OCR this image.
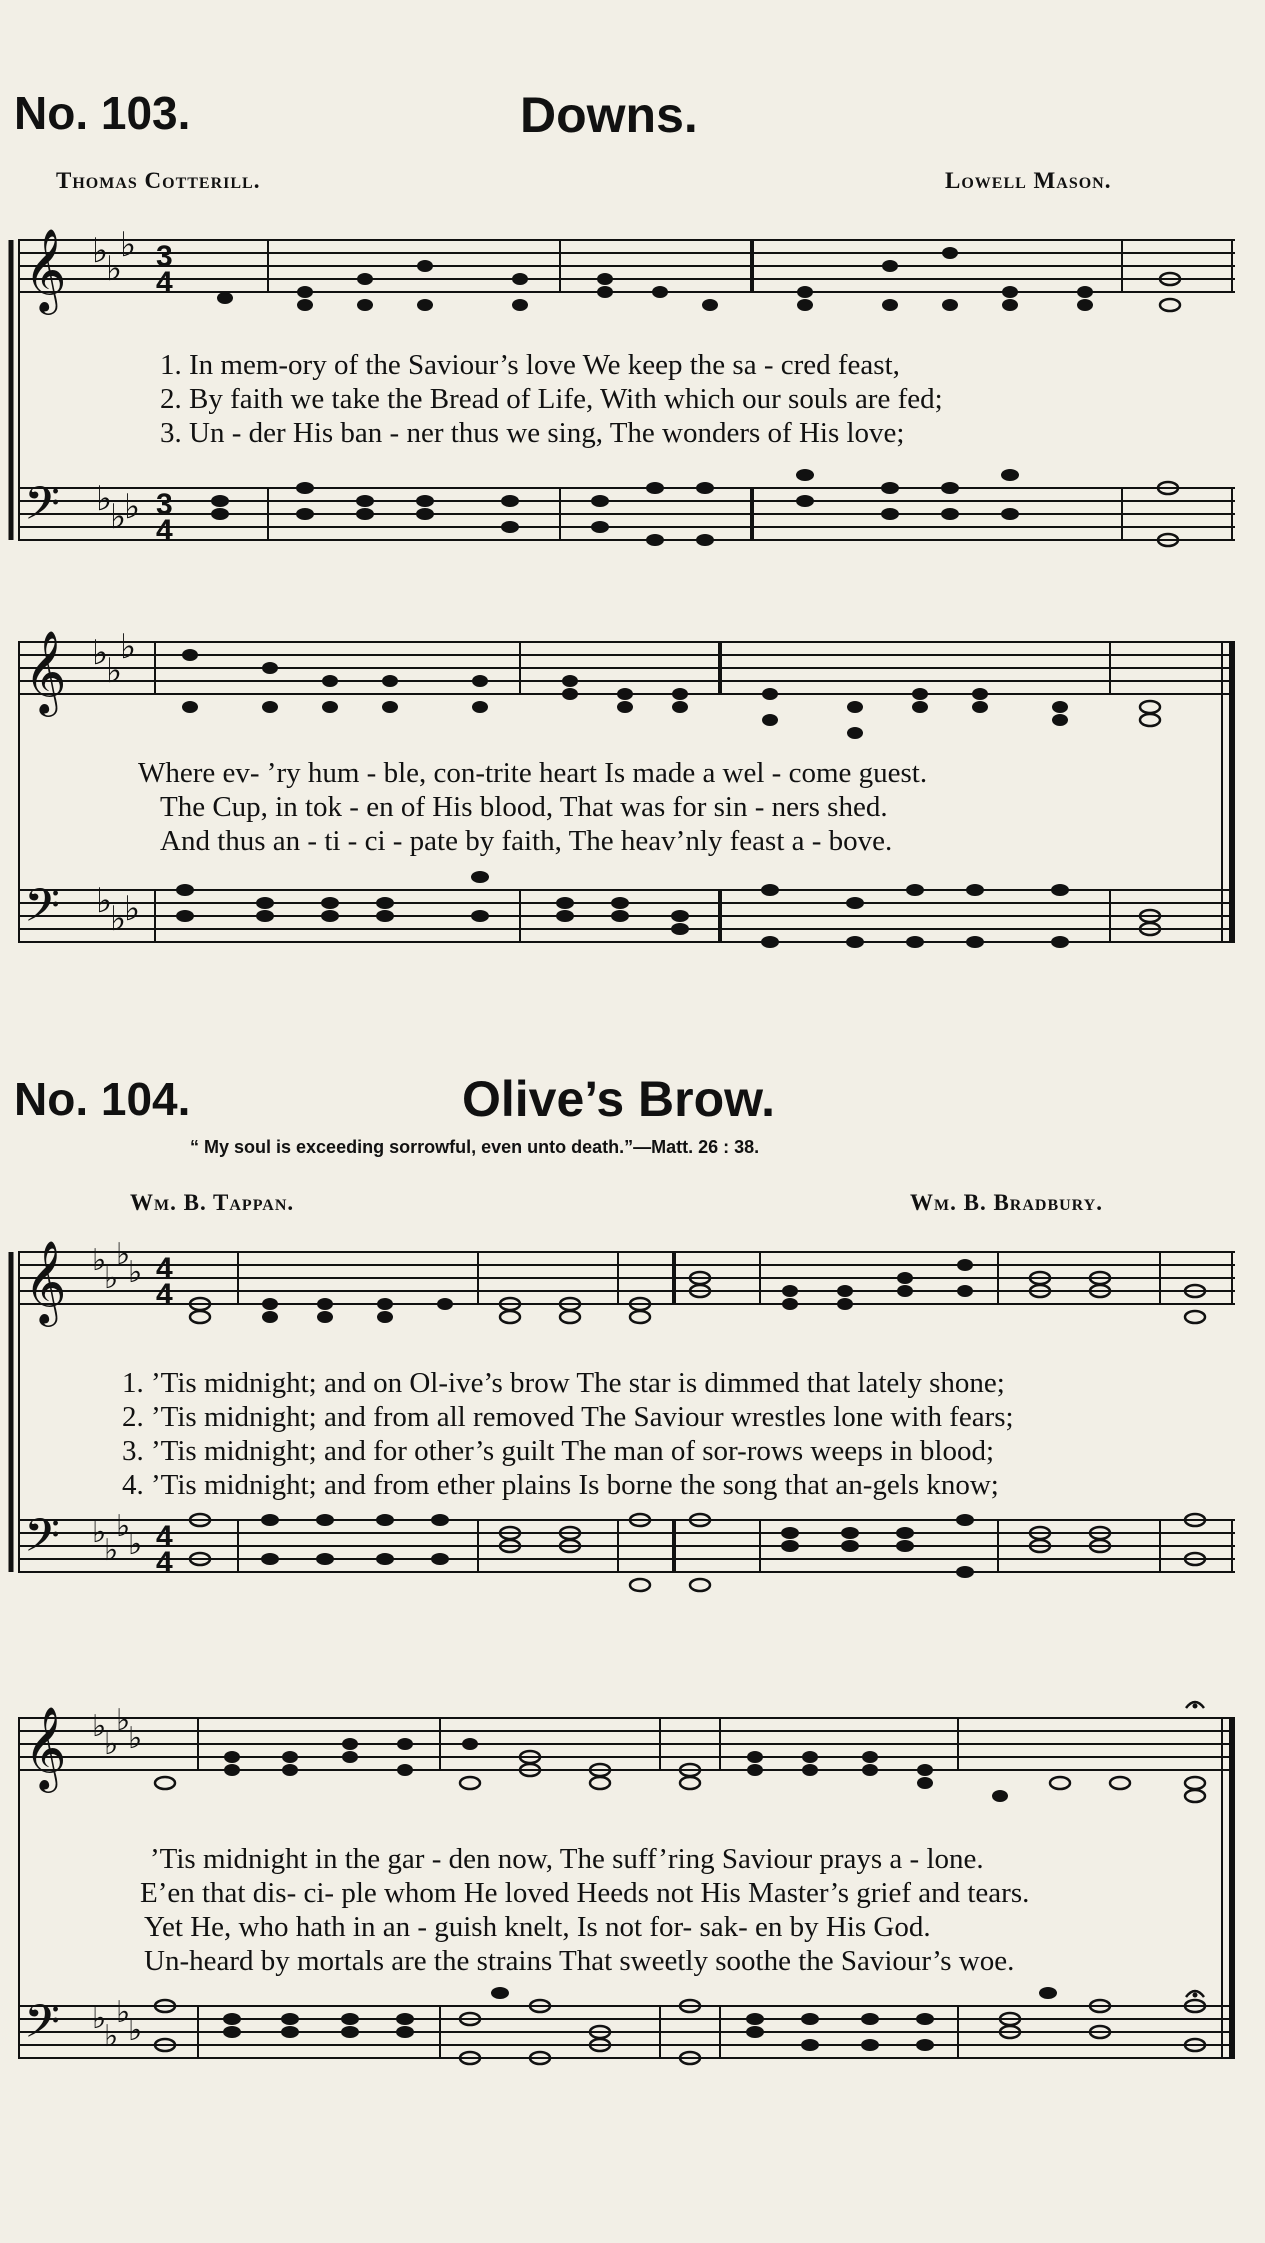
No. 103.	Downs.
Thomas Cotterill.	Lowell Mason.
𝄞 ♭
♭
♭ 3
4
𝄢 ♭
♭
♭ 3
4
1. In mem-ory of the Saviour’s love We keep the sa - cred feast,
2. By faith we take the Bread of Life, With which our souls are fed;
3. Un - der His ban - ner thus we sing, The wonders of His love;
𝄞 ♭
♭
♭
𝄢 ♭
♭
♭
Where ev- ’ry hum - ble, con-trite heart Is made a wel - come guest.
The Cup, in tok - en of His blood, That was for sin - ners shed.
And thus an - ti - ci - pate by faith, The heav’nly feast a - bove.
No. 104.	Olive’s Brow.
“ My soul is exceeding sorrowful, even unto death.”—Matt. 26 : 38.
Wm. B. Tappan.	Wm. B. Bradbury.
𝄞 ♭
♭
♭
♭ 4
4
𝄢 ♭
♭
♭
♭ 4
4
1. ’Tis midnight; and on Ol-ive’s brow The star is dimmed that lately shone;
2. ’Tis midnight; and from all removed The Saviour wrestles lone with fears;
3. ’Tis midnight; and for other’s guilt The man of sor-rows weeps in blood;
4. ’Tis midnight; and from ether plains Is borne the song that an-gels know;
𝄞 ♭
♭
♭
♭
𝄢 ♭
♭
♭
♭
’Tis midnight in the gar - den now, The suff’ring Saviour prays a - lone.
E’en that dis- ci- ple whom He loved Heeds not His Master’s grief and tears.
Yet He, who hath in an - guish knelt, Is not for- sak- en by His God.
Un-heard by mortals are the strains That sweetly soothe the Saviour’s woe.
